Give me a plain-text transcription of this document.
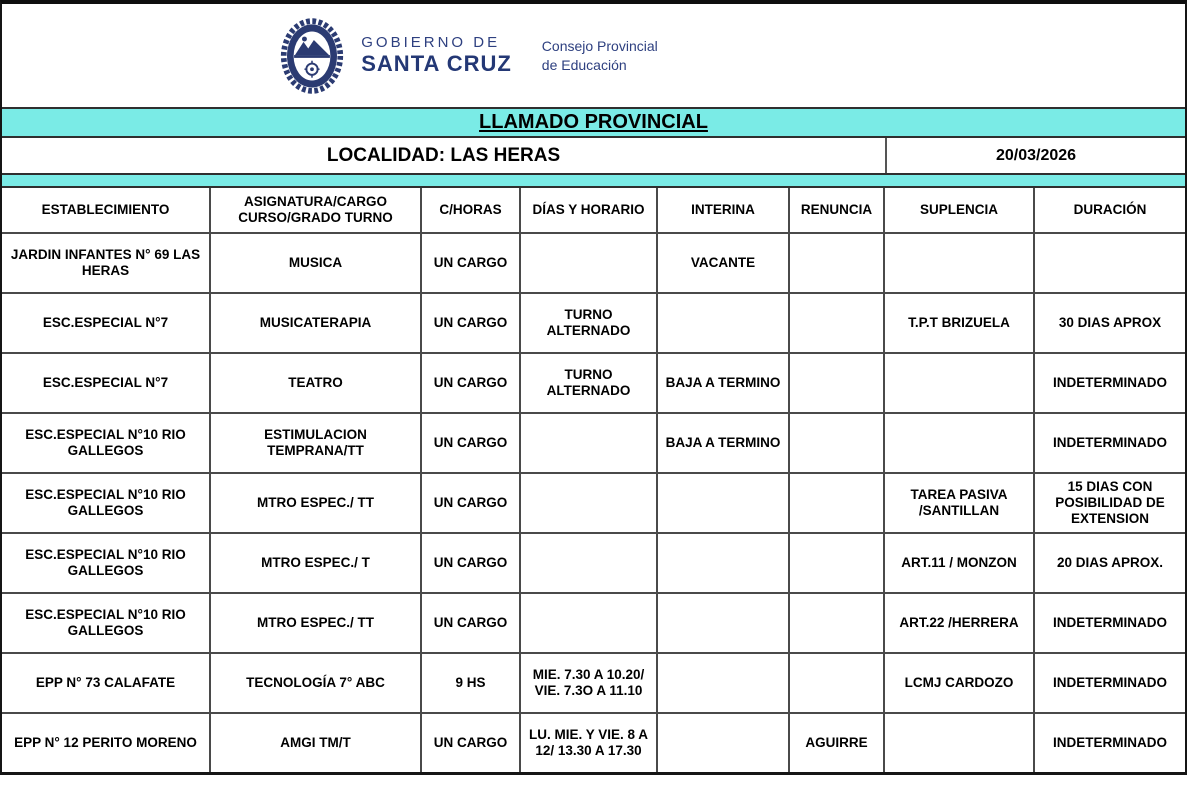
GOBIERNO DE
SANTA CRUZ
Consejo Provincial
de Educación
LLAMADO PROVINCIAL
LOCALIDAD: LAS HERAS	20/03/2026
ESTABLECIMIENTO	ASIGNATURA/CARGO CURSO/GRADO TURNO	C/HORAS	DÍAS Y HORARIO	INTERINA	RENUNCIA	SUPLENCIA	DURACIÓN
JARDIN INFANTES N° 69 LAS HERAS	MUSICA	UN CARGO		VACANTE			
ESC.ESPECIAL N°7	MUSICATERAPIA	UN CARGO	TURNO ALTERNADO			T.P.T BRIZUELA	30 DIAS APROX
ESC.ESPECIAL N°7	TEATRO	UN CARGO	TURNO ALTERNADO	BAJA A TERMINO			INDETERMINADO
ESC.ESPECIAL N°10 RIO GALLEGOS	ESTIMULACION TEMPRANA/TT	UN CARGO		BAJA A TERMINO			INDETERMINADO
ESC.ESPECIAL N°10 RIO GALLEGOS	MTRO ESPEC./ TT	UN CARGO				TAREA PASIVA /SANTILLAN	15 DIAS CON POSIBILIDAD DE EXTENSION
ESC.ESPECIAL N°10 RIO GALLEGOS	MTRO ESPEC./ T	UN CARGO				ART.11 / MONZON	20 DIAS APROX.
ESC.ESPECIAL N°10 RIO GALLEGOS	MTRO ESPEC./ TT	UN CARGO				ART.22 /HERRERA	INDETERMINADO
EPP N° 73 CALAFATE	TECNOLOGÍA 7° ABC	9 HS	MIE. 7.30 A 10.20/ VIE. 7.3O A 11.10			LCMJ CARDOZO	INDETERMINADO
EPP N° 12 PERITO MORENO	AMGI TM/T	UN CARGO	LU. MIE. Y VIE. 8 A 12/ 13.30 A 17.30		AGUIRRE		INDETERMINADO
